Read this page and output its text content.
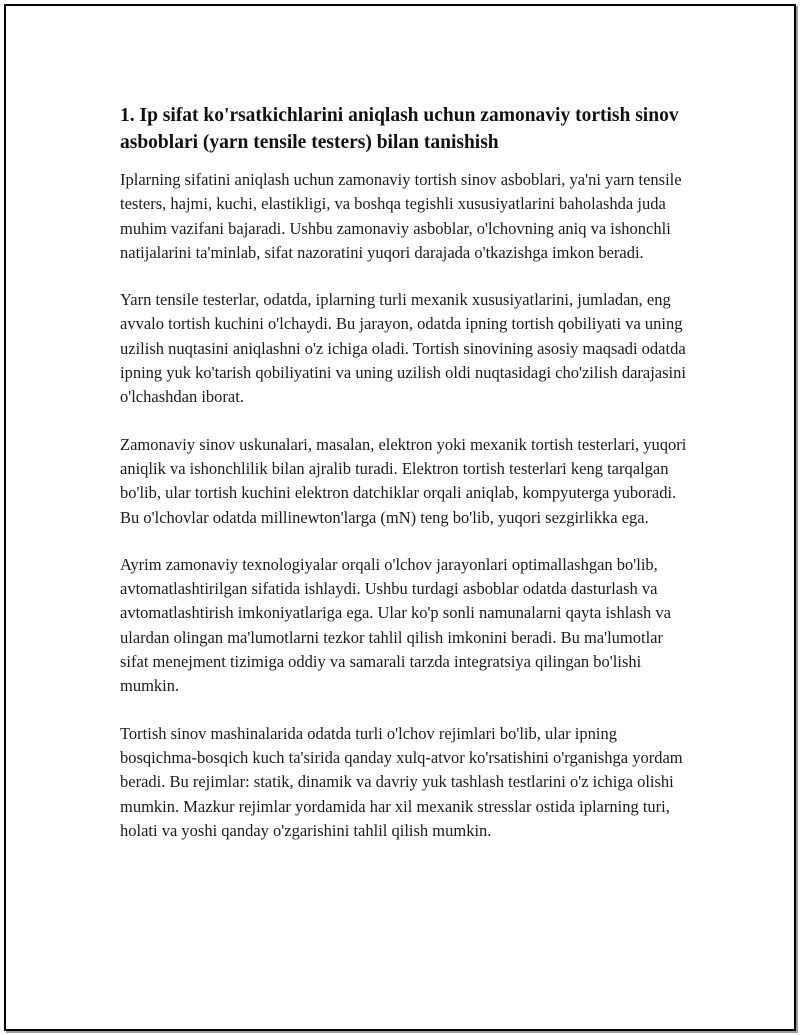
1. Ip sifat ko'rsatkichlarini aniqlash uchun zamonaviy tortish sinov asboblari (yarn tensile testers) bilan tanishish

Iplarning sifatini aniqlash uchun zamonaviy tortish sinov asboblari, ya'ni yarn tensile testers, hajmi, kuchi, elastikligi, va boshqa tegishli xususiyatlarini baholashda juda muhim vazifani bajaradi. Ushbu zamonaviy asboblar, o'lchovning aniq va ishonchli natijalarini ta'minlab, sifat nazoratini yuqori darajada o'tkazishga imkon beradi.

Yarn tensile testerlar, odatda, iplarning turli mexanik xususiyatlarini, jumladan, eng avvalo tortish kuchini o'lchaydi. Bu jarayon, odatda ipning tortish qobiliyati va uning uzilish nuqtasini aniqlashni o'z ichiga oladi. Tortish sinovining asosiy maqsadi odatda ipning yuk ko'tarish qobiliyatini va uning uzilish oldi nuqtasidagi cho'zilish darajasini o'lchashdan iborat.

Zamonaviy sinov uskunalari, masalan, elektron yoki mexanik tortish testerlari, yuqori aniqlik va ishonchlilik bilan ajralib turadi. Elektron tortish testerlari keng tarqalgan bo'lib, ular tortish kuchini elektron datchiklar orqali aniqlab, kompyuterga yuboradi. Bu o'lchovlar odatda millinewton'larga (mN) teng bo'lib, yuqori sezgirlikka ega.

Ayrim zamonaviy texnologiyalar orqali o'lchov jarayonlari optimallashgan bo'lib, avtomatlashtirilgan sifatida ishlaydi. Ushbu turdagi asboblar odatda dasturlash va avtomatlashtirish imkoniyatlariga ega. Ular ko'p sonli namunalarni qayta ishlash va ulardan olingan ma'lumotlarni tezkor tahlil qilish imkonini beradi. Bu ma'lumotlar sifat menejment tizimiga oddiy va samarali tarzda integratsiya qilingan bo'lishi mumkin.

Tortish sinov mashinalarida odatda turli o'lchov rejimlari bo'lib, ular ipning bosqichma-bosqich kuch ta'sirida qanday xulq-atvor ko'rsatishini o'rganishga yordam beradi. Bu rejimlar: statik, dinamik va davriy yuk tashlash testlarini o'z ichiga olishi mumkin. Mazkur rejimlar yordamida har xil mexanik stresslar ostida iplarning turi, holati va yoshi qanday o'zgarishini tahlil qilish mumkin.
